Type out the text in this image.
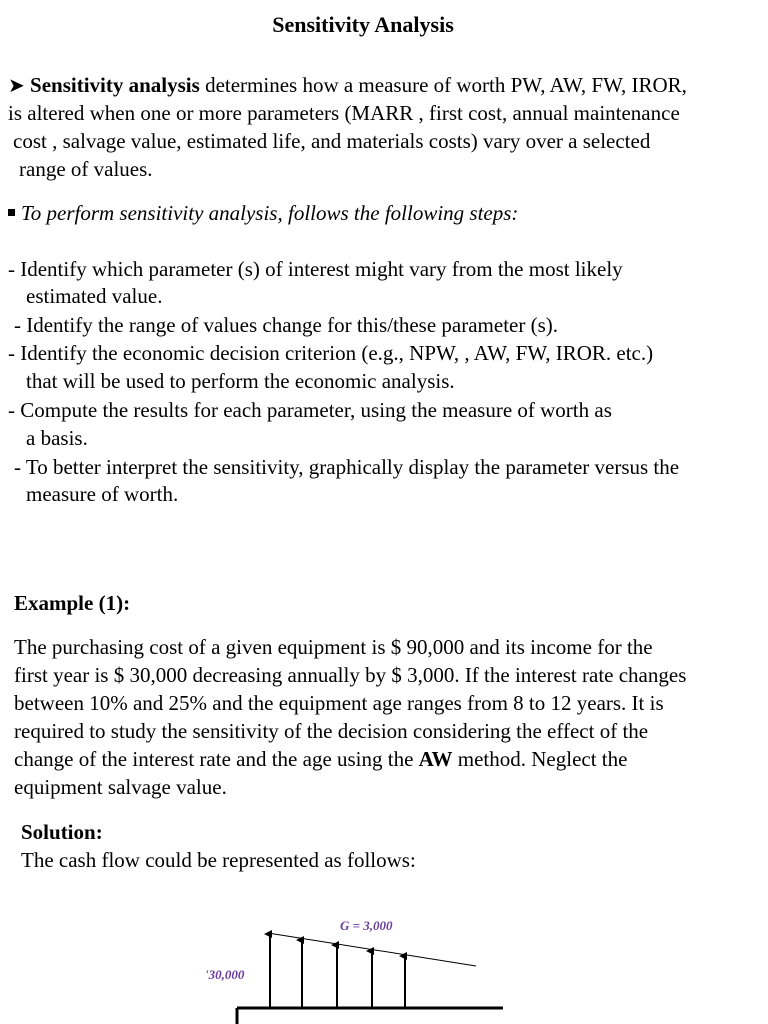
Sensitivity Analysis
➤ Sensitivity analysis determines how a measure of worth PW, AW, FW, IROR,
is altered when one or more parameters (MARR , first cost, annual maintenance
cost , salvage value, estimated life, and materials costs) vary over a selected
range of values.
To perform sensitivity analysis, follows the following steps:
- Identify which parameter (s) of interest might vary from the most likely
estimated value.
- Identify the range of values change for this/these parameter (s).
- Identify the economic decision criterion (e.g., NPW, , AW, FW, IROR. etc.)
that will be used to perform the economic analysis.
- Compute the results for each parameter, using the measure of worth as
a basis.
- To better interpret the sensitivity, graphically display the parameter versus the
measure of worth.
Example (1):
The purchasing cost of a given equipment is $ 90,000 and its income for the
first year is $ 30,000 decreasing annually by $ 3,000. If the interest rate changes
between 10% and 25% and the equipment age ranges from 8 to 12 years. It is
required to study the sensitivity of the decision considering the effect of the
change of the interest rate and the age using the AW method. Neglect the
equipment salvage value.
Solution:
The cash flow could be represented as follows:
G = 3,000
'30,000
